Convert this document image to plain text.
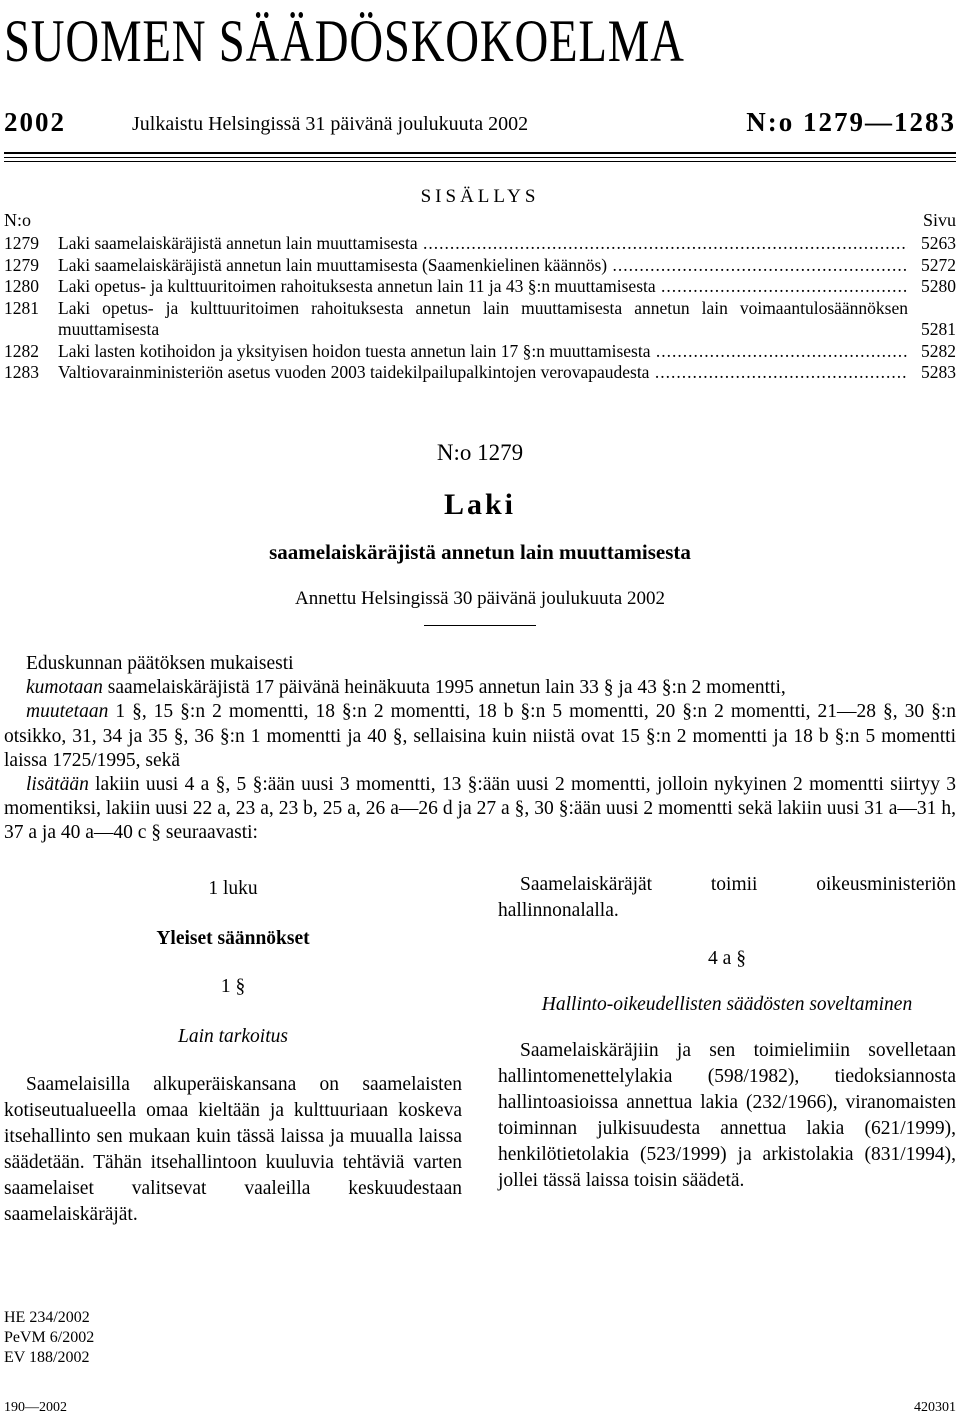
SUOMEN SÄÄDÖSKOKOELMA
2002	Julkaistu Helsingissä 31 päivänä joulukuuta 2002	N:o 1279—1283
SISÄLLYS
N:o	Sivu
1279 Laki saamelaiskäräjistä annetun lain muuttamisesta .....	5263
1279 Laki saamelaiskäräjistä annetun lain muuttamisesta (Saamenkielinen käännös) .....	5272
1280 Laki opetus- ja kulttuuritoimen rahoituksesta annetun lain 11 ja 43 §:n muuttamisesta .....	5280
1281 Laki opetus- ja kulttuuritoimen rahoituksesta annetun lain muuttamisesta annetun lain voimaantulosäännöksen muuttamisesta .....	5281
1282 Laki lasten kotihoidon ja yksityisen hoidon tuesta annetun lain 17 §:n muuttamisesta .....	5282
1283 Valtiovarainministeriön asetus vuoden 2003 taidekilpailupalkintojen verovapaudesta .....	5283
N:o 1279
Laki
saamelaiskäräjistä annetun lain muuttamisesta
Annettu Helsingissä 30 päivänä joulukuuta 2002

Eduskunnan päätöksen mukaisesti

kumotaan saamelaiskäräjistä 17 päivänä heinäkuuta 1995 annetun lain 33 § ja 43 §:n 2 momentti,

muutetaan 1 §, 15 §:n 2 momentti, 18 §:n 2 momentti, 18 b §:n 5 momentti, 20 §:n 2 momentti, 21—28 §, 30 §:n otsikko, 31, 34 ja 35 §, 36 §:n 1 momentti ja 40 §, sellaisina kuin niistä ovat 15 §:n 2 momentti ja 18 b §:n 5 momentti laissa 1725/1995, sekä

lisätään lakiin uusi 4 a §, 5 §:ään uusi 3 momentti, 13 §:ään uusi 2 momentti, jolloin nykyinen 2 momentti siirtyy 3 momentiksi, lakiin uusi 22 a, 23 a, 23 b, 25 a, 26 a—26 d ja 27 a §, 30 §:ään uusi 2 momentti sekä lakiin uusi 31 a—31 h, 37 a ja 40 a—40 c § seuraavasti:

1 luku
Yleiset säännökset
1 §
Lain tarkoitus

Saamelaisilla alkuperäiskansana on saamelaisten kotiseutualueella omaa kieltään ja kulttuuriaan koskeva itsehallinto sen mukaan kuin tässä laissa ja muualla laissa säädetään. Tähän itsehallintoon kuuluvia tehtäviä varten saamelaiset valitsevat vaaleilla keskuudestaan saamelaiskäräjät.

Saamelaiskäräjät toimii oikeusministeriön hallinnonalalla.

4 a §
Hallinto-oikeudellisten säädösten soveltaminen

Saamelaiskäräjiin ja sen toimielimiin sovelletaan hallintomenettelylakia (598/1982), tiedoksiannosta hallintoasioissa annettua lakia (232/1966), viranomaisten toiminnan julkisuudesta annettua lakia (621/1999), henkilötietolakia (523/1999) ja arkistolakia (831/1994), jollei tässä laissa toisin säädetä.

HE 234/2002
PeVM 6/2002
EV 188/2002
190—2002	420301
